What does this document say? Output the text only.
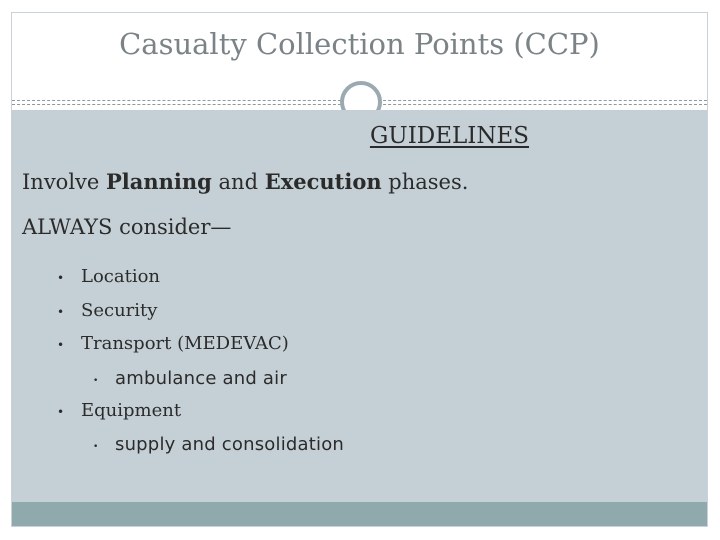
Casualty Collection Points (CCP)
GUIDELINES
Involve Planning and Execution phases.
ALWAYS consider—
• Location
• Security
• Transport (MEDEVAC)
• ambulance and air
• Equipment
• supply and consolidation
